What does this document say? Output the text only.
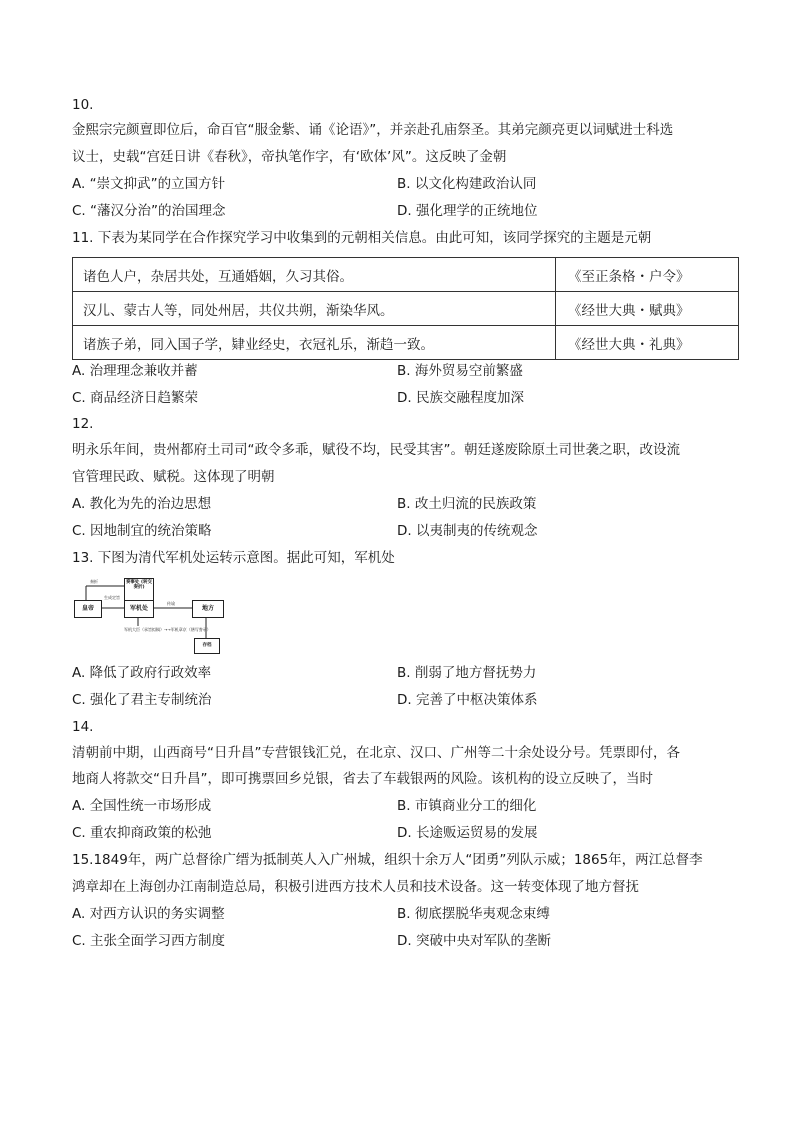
10.
金熙宗完颜亶即位后，命百官“服金紫、诵《论语》”，并亲赴孔庙祭圣。其弟完颜亮更以词赋进士科选
议士，史载“宫廷日讲《春秋》，帝执笔作字，有‘欧体’风”。这反映了金朝
A. “崇文抑武”的立国方针	B. 以文化构建政治认同
C. “藩汉分治”的治国理念	D. 强化理学的正统地位
11. 下表为某同学在合作探究学习中收集到的元朝相关信息。由此可知，该同学探究的主题是元朝
诸色人户，杂居共处，互通婚姻，久习其俗。	《至正条格・户令》
汉儿、蒙古人等，同处州居，共仪共朔，渐染华风。	《经世大典・赋典》
诸族子弟，同入国子学，肄业经史，衣冠礼乐，渐趋一致。	《经世大典・礼典》
A. 治理理念兼收并蓄	B. 海外贸易空前繁盛
C. 商品经济日趋繁荣	D. 民族交融程度加深
12.
明永乐年间，贵州都府土司司“政令多乖，赋役不均，民受其害”。朝廷遂废除原土司世袭之职，改设流
官管理民政、赋税。这体现了明朝
A. 教化为先的治边思想	B. 改土归流的民族政策
C. 因地制宜的统治策略	D. 以夷制夷的传统观念
13. 下图为清代军机处运转示意图。据此可知，军机处
皇帝
奏事处 (转交奏折)
军机处	地方
存档
奏折
生成定旨
传谕
军机大臣（承旨拟稿）→→军机章京（缮写誊录）
A. 降低了政府行政效率	B. 削弱了地方督抚势力
C. 强化了君主专制统治	D. 完善了中枢决策体系
14.
清朝前中期，山西商号“日升昌”专营银钱汇兑，在北京、汉口、广州等二十余处设分号。凭票即付，各
地商人将款交“日升昌”，即可携票回乡兑银，省去了车载银两的风险。该机构的设立反映了，当时
A. 全国性统一市场形成	B. 市镇商业分工的细化
C. 重农抑商政策的松弛	D. 长途贩运贸易的发展
15.1849年，两广总督徐广缙为抵制英人入广州城，组织十余万人“团勇”列队示威；1865年，两江总督李
鸿章却在上海创办江南制造总局，积极引进西方技术人员和技术设备。这一转变体现了地方督抚
A. 对西方认识的务实调整	B. 彻底摆脱华夷观念束缚
C. 主张全面学习西方制度	D. 突破中央对军队的垄断
